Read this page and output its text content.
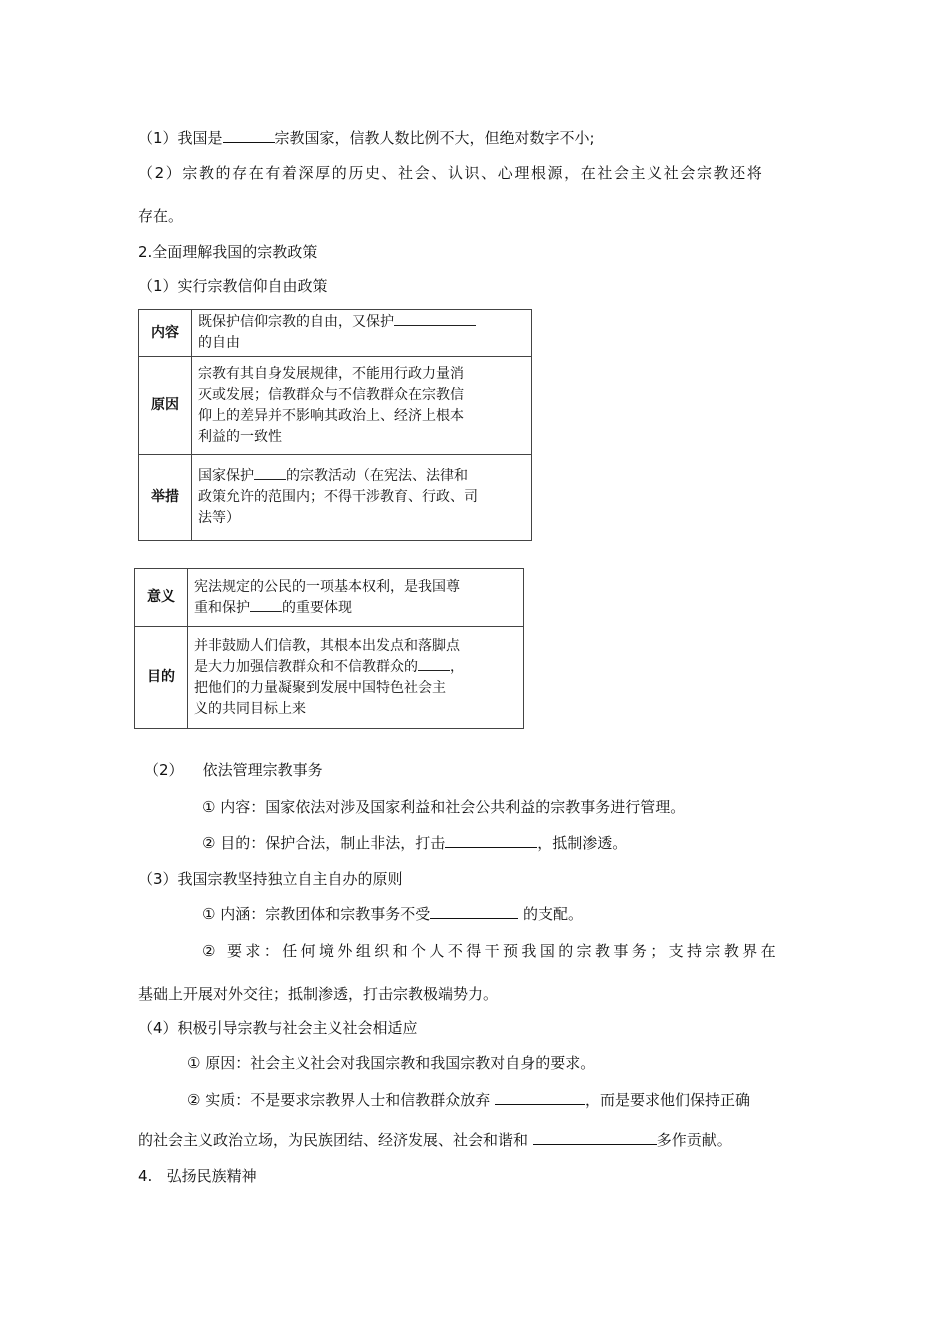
（1）我国是	宗教国家，信教人数比例不大，但绝对数字不小;
（2）宗教的存在有着深厚的历史、社会、认识、心理根源，在社会主义社会宗教还将
存在。
2.全面理解我国的宗教政策
（1）实行宗教信仰自由政策
内容	既保护信仰宗教的自由，又保护
的自由

原因	宗教有其自身发展规律，不能用行政力量消
灭或发展；信教群众与不信教群众在宗教信
仰上的差异并不影响其政治上、经济上根本
利益的一致性

举措	国家保护 的宗教活动（在宪法、法律和
政策允许的范围内；不得干涉教育、行政、司
法等）
意义	宪法规定的公民的一项基本权利，是我国尊
重和保护 的重要体现

目的	并非鼓励人们信教，其根本出发点和落脚点
是大力加强信教群众和不信教群众的 ，
把他们的力量凝聚到发展中国特色社会主
义的共同目标上来
（2）    依法管理宗教事务
① 内容：国家依法对涉及国家利益和社会公共利益的宗教事务进行管理。
② 目的：保护合法，制止非法，打击	，抵制渗透。
（3）我国宗教坚持独立自主自办的原则
① 内涵：宗教团体和宗教事务不受	的支配。
② 要求：任何境外组织和个人不得干预我国的宗教事务；支持宗教界在
基础上开展对外交往；抵制渗透，打击宗教极端势力。
（4）积极引导宗教与社会主义社会相适应
① 原因：社会主义社会对我国宗教和我国宗教对自身的要求。
② 实质：不是要求宗教界人士和信教群众放弃	，而是要求他们保持正确
的社会主义政治立场，为民族团结、经济发展、社会和谐和	多作贡献。
4.   弘扬民族精神
